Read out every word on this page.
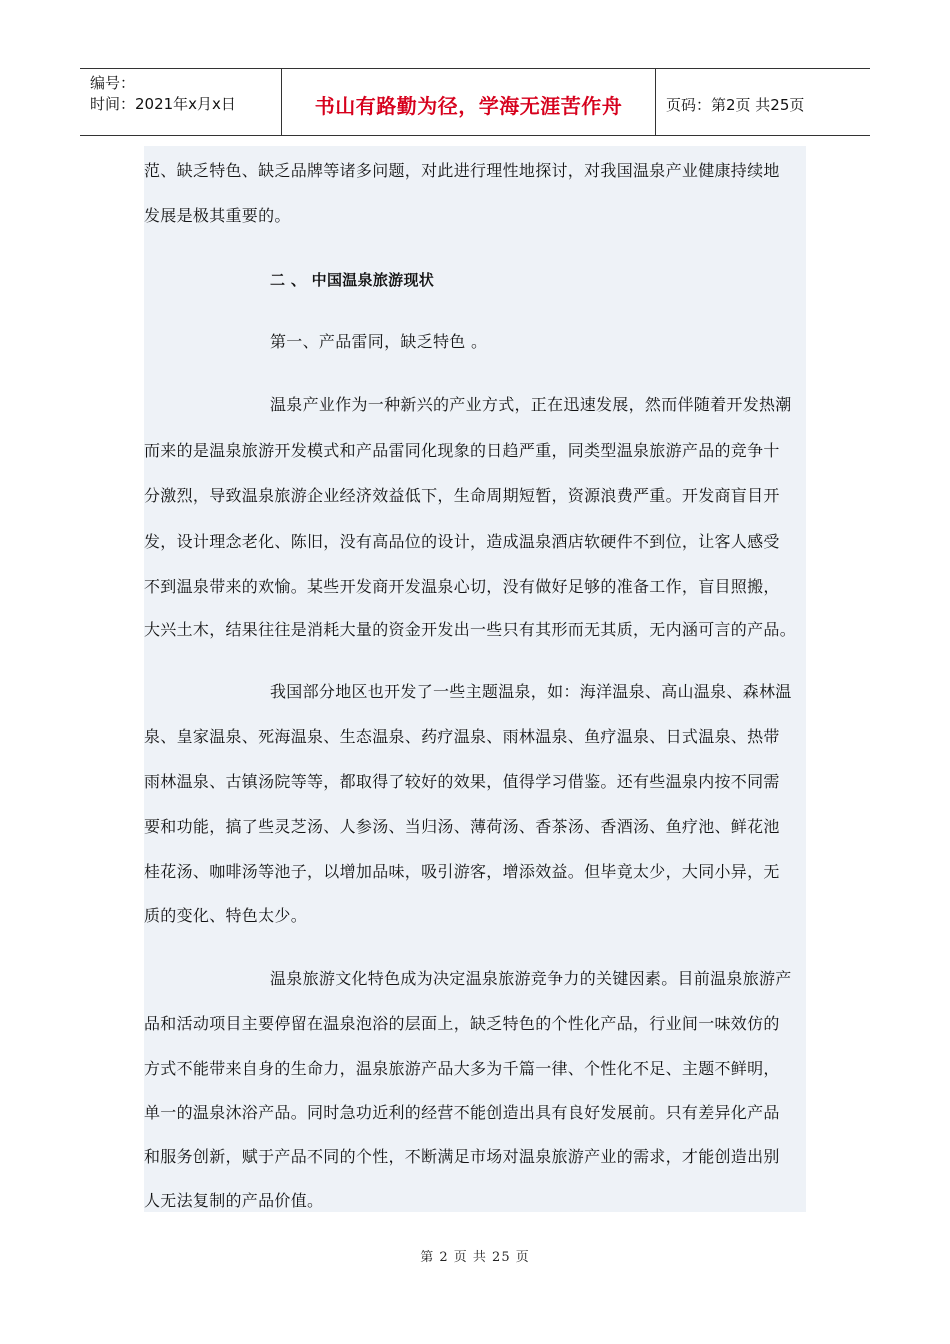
编号：
时间：2021年x月x日	书山有路勤为径，学海无涯苦作舟	页码：第2页 共25页
范、缺乏特色、缺乏品牌等诸多问题，对此进行理性地探讨，对我国温泉产业健康持续地
发展是极其重要的。
二 、 中国温泉旅游现状
第一、产品雷同，缺乏特色 。
温泉产业作为一种新兴的产业方式，正在迅速发展，然而伴随着开发热潮
而来的是温泉旅游开发模式和产品雷同化现象的日趋严重，同类型温泉旅游产品的竞争十
分激烈，导致温泉旅游企业经济效益低下，生命周期短暂，资源浪费严重。开发商盲目开
发，设计理念老化、陈旧，没有高品位的设计，造成温泉酒店软硬件不到位，让客人感受
不到温泉带来的欢愉。某些开发商开发温泉心切，没有做好足够的准备工作，盲目照搬，
大兴土木，结果往往是消耗大量的资金开发出一些只有其形而无其质，无内涵可言的产品。
我国部分地区也开发了一些主题温泉，如：海洋温泉、高山温泉、森林温
泉、皇家温泉、死海温泉、生态温泉、药疗温泉、雨林温泉、鱼疗温泉、日式温泉、热带
雨林温泉、古镇汤院等等，都取得了较好的效果，值得学习借鉴。还有些温泉内按不同需
要和功能，搞了些灵芝汤、人参汤、当归汤、薄荷汤、香茶汤、香酒汤、鱼疗池、鲜花池
桂花汤、咖啡汤等池子，以增加品味，吸引游客，增添效益。但毕竟太少，大同小异，无
质的变化、特色太少。
温泉旅游文化特色成为决定温泉旅游竞争力的关键因素。目前温泉旅游产
品和活动项目主要停留在温泉泡浴的层面上，缺乏特色的个性化产品，行业间一味效仿的
方式不能带来自身的生命力，温泉旅游产品大多为千篇一律、个性化不足、主题不鲜明，
单一的温泉沐浴产品。同时急功近利的经营不能创造出具有良好发展前。只有差异化产品
和服务创新，赋于产品不同的个性，不断满足市场对温泉旅游产业的需求，才能创造出别
人无法复制的产品价值。
第 2 页 共 25 页
